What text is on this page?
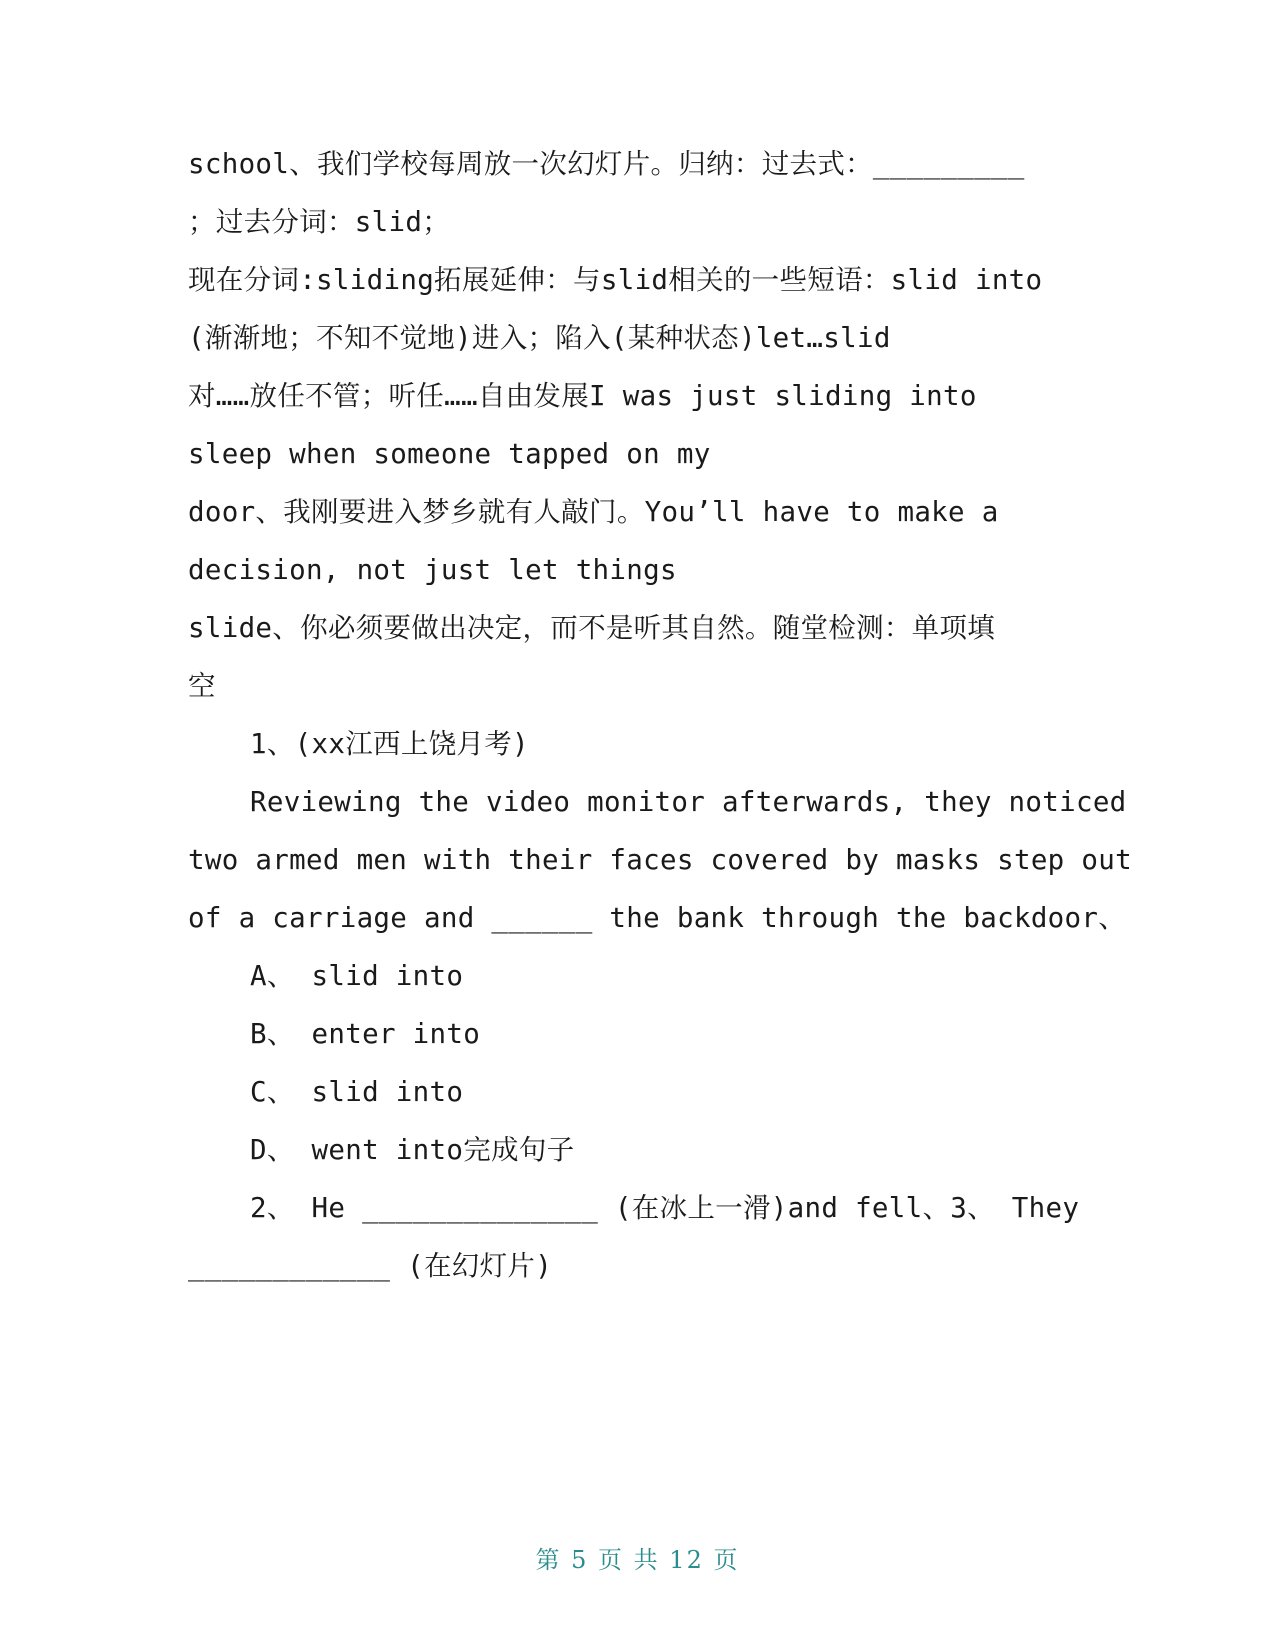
school、我们学校每周放一次幻灯片。归纳：过去式：_________
；过去分词：slid；
现在分词:sliding拓展延伸：与slid相关的一些短语：slid into
(渐渐地；不知不觉地)进入；陷入(某种状态)let…slid
对……放任不管；听任……自由发展I was just sliding into
sleep when someone tapped on my
door、我刚要进入梦乡就有人敲门。You’ll have to make a
decision, not just let things
slide、你必须要做出决定，而不是听其自然。随堂检测：单项填
空
1、(xx江西上饶月考)
Reviewing the video monitor afterwards, they noticed
two armed men with their faces covered by masks step out
of a carriage and ______ the bank through the backdoor、
A、 slid into
B、 enter into
C、 slid into
D、 went into完成句子
2、 He ______________ (在冰上一滑)and fell、3、 They
____________ (在幻灯片)
第 5 页 共 12 页
